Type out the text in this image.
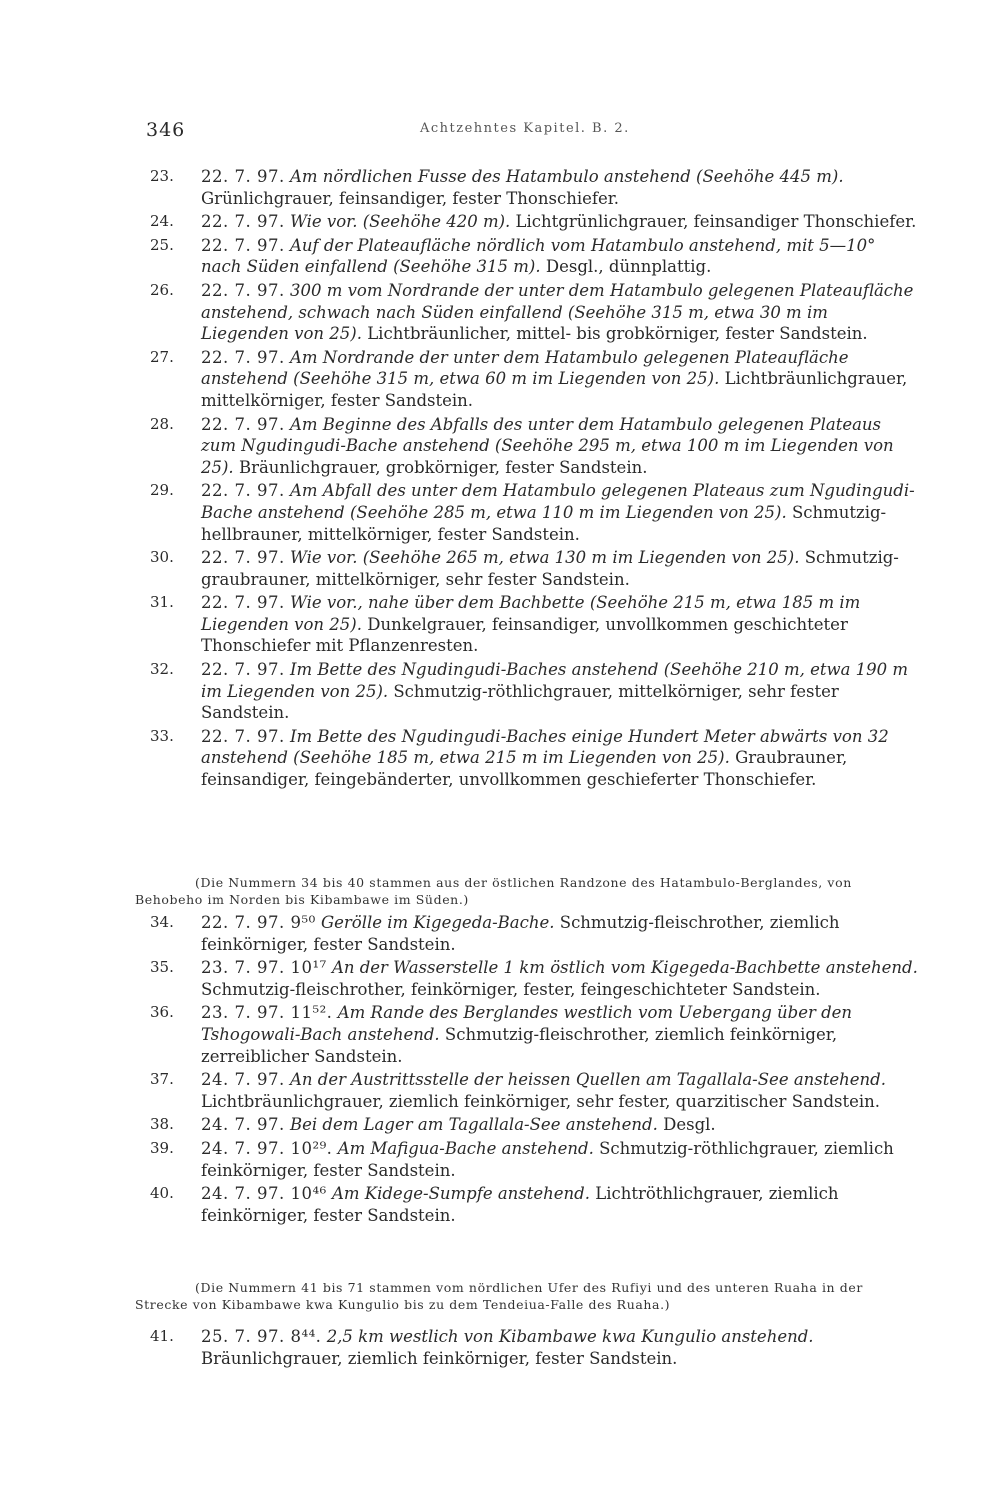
346	Achtzehntes Kapitel. B. 2.

23.	22. 7. 97. Am nördlichen Fusse des Hatambulo anstehend (Seehöhe 445 m). Grünlichgrauer, feinsandiger, fester Thonschiefer.

24.	22. 7. 97. Wie vor. (Seehöhe 420 m). Lichtgrünlichgrauer, feinsandiger Thonschiefer.

25.	22. 7. 97. Auf der Plateaufläche nördlich vom Hatambulo anstehend, mit 5—10° nach Süden einfallend (Seehöhe 315 m). Desgl., dünnplattig.

26.	22. 7. 97. 300 m vom Nordrande der unter dem Hatambulo gelegenen Plateaufläche anstehend, schwach nach Süden einfallend (Seehöhe 315 m, etwa 30 m im Liegenden von 25). Lichtbräunlicher, mittel- bis grobkörniger, fester Sandstein.

27.	22. 7. 97. Am Nordrande der unter dem Hatambulo gelegenen Plateaufläche anstehend (Seehöhe 315 m, etwa 60 m im Liegenden von 25). Lichtbräunlichgrauer, mittelkörniger, fester Sandstein.

28.	22. 7. 97. Am Beginne des Abfalls des unter dem Hatambulo gelegenen Plateaus zum Ngudingudi-Bache anstehend (Seehöhe 295 m, etwa 100 m im Liegenden von 25). Bräunlichgrauer, grobkörniger, fester Sandstein.

29.	22. 7. 97. Am Abfall des unter dem Hatambulo gelegenen Plateaus zum Ngudingudi-Bache anstehend (Seehöhe 285 m, etwa 110 m im Liegenden von 25). Schmutzig-hellbrauner, mittelkörniger, fester Sandstein.

30.	22. 7. 97. Wie vor. (Seehöhe 265 m, etwa 130 m im Liegenden von 25). Schmutzig-graubrauner, mittelkörniger, sehr fester Sandstein.

31.	22. 7. 97. Wie vor., nahe über dem Bachbette (Seehöhe 215 m, etwa 185 m im Liegenden von 25). Dunkelgrauer, feinsandiger, unvollkommen geschichteter Thonschiefer mit Pflanzenresten.

32.	22. 7. 97. Im Bette des Ngudingudi-Baches anstehend (Seehöhe 210 m, etwa 190 m im Liegenden von 25). Schmutzig-röthlichgrauer, mittelkörniger, sehr fester Sandstein.

33.	22. 7. 97. Im Bette des Ngudingudi-Baches einige Hundert Meter abwärts von 32 anstehend (Seehöhe 185 m, etwa 215 m im Liegenden von 25). Graubrauner, feinsandiger, feingebänderter, unvollkommen geschieferter Thonschiefer.

(Die Nummern 34 bis 40 stammen aus der östlichen Randzone des Hatambulo-Berglandes, von Behobeho im Norden bis Kibambawe im Süden.)

34.	22. 7. 97. 9⁵⁰ Gerölle im Kigegeda-Bache. Schmutzig-fleischrother, ziemlich feinkörniger, fester Sandstein.

35.	23. 7. 97. 10¹⁷ An der Wasserstelle 1 km östlich vom Kigegeda-Bachbette anstehend. Schmutzig-fleischrother, feinkörniger, fester, feingeschichteter Sandstein.

36.	23. 7. 97. 11⁵². Am Rande des Berglandes westlich vom Uebergang über den Tshogowali-Bach anstehend. Schmutzig-fleischrother, ziemlich feinkörniger, zerreiblicher Sandstein.

37.	24. 7. 97. An der Austrittsstelle der heissen Quellen am Tagallala-See anstehend. Lichtbräunlichgrauer, ziemlich feinkörniger, sehr fester, quarzitischer Sandstein.

38.	24. 7. 97. Bei dem Lager am Tagallala-See anstehend. Desgl.

39.	24. 7. 97. 10²⁹. Am Mafigua-Bache anstehend. Schmutzig-röthlichgrauer, ziemlich feinkörniger, fester Sandstein.

40.	24. 7. 97. 10⁴⁶ Am Kidege-Sumpfe anstehend. Lichtröthlichgrauer, ziemlich feinkörniger, fester Sandstein.

(Die Nummern 41 bis 71 stammen vom nördlichen Ufer des Rufiyi und des unteren Ruaha in der Strecke von Kibambawe kwa Kungulio bis zu dem Tendeiua-Falle des Ruaha.)

41.	25. 7. 97. 8⁴⁴. 2,5 km westlich von Kibambawe kwa Kungulio anstehend. Bräunlichgrauer, ziemlich feinkörniger, fester Sandstein.
